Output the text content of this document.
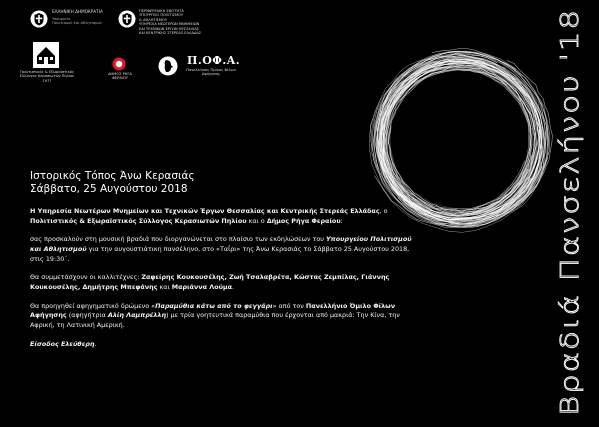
ΕΛΛΗΝΙΚΗ ΔΗΜΟΚΡΑΤΙΑ
Υπουργείο
Πολιτισμού και Αθλητισμού
ΠΕΡΙΦΕΡΕΙΑΚΗ ΕΝΟΤΗΤΑ
ΥΠΟΥΡΓΕΙΟ ΠΟΛΙΤΙΣΜΟΥ
& ΑΘΛΗΤΙΣΜΟΥ
ΥΠΗΡΕΣΙΑ ΝΕΩΤΕΡΩΝ ΜΝΗΜΕΙΩΝ
ΚΑΙ ΤΕΧΝΙΚΩΝ ΕΡΓΩΝ ΘΕΣΣΑΛΙΑΣ
ΚΑΙ ΚΕΝΤΡΙΚΗΣ ΣΤΕΡΕΑΣ ΕΛΛΑΔΑΣ
Πολιτιστικός & Εξωραϊστικός
Σύλλογος Κερασιωτών Πηλίου
1977
ΔΗΜΟΣ ΡΗΓΑ
ΦΕΡΑΙΟΥ
Π.ΟΦ.Α.
Πανελλήνιος Όμιλος Φίλων Αφήγησης
Βραδιά Πανσελήνου '18
Ιστορικός Τόπος Άνω Κερασιάς
Σάββατο, 25 Αυγούστου 2018

Η Υπηρεσία Νεωτέρων Μνημείων και Τεχνικών Έργων Θεσσαλίας και Κεντρικής Στερεάς Ελλάδας, ο Πολιτιστικός & Εξωραϊστικός Σύλλογος Κερασιωτών Πηλίου και ο Δήμος Ρήγα Φεραίου:

σας προσκαλούν στη μουσική βραδιά που διοργανώνεται στο πλαίσιο των εκδηλώσεων του Υπουργείου Πολιτισμού και Αθλητισμού για την αυγουστιάτικη πανσέληνο, στο «Ταΐρι» της Άνω Κερασιάς το Σάββατο 25 Αυγούστου 2018, στις 19:30΄.

Θα συμμετάσχουν οι καλλιτέχνες: Ζαφείρης Κουκουσέλης, Ζωή Τσαλαβρέτα, Κώστας Ζεμπίλας, Γιάννης Κουκουσέλης, Δημήτρης Μπεφάνης και Μαριάννα Λούμα.

Θα προηγηθεί αφηγηματικό δρώμενο «Παραμύθια κάτω από το φεγγάρι» από τον Πανελλήνιο Όμιλο Φίλων Αφήγησης (αφηγήτρια Αλίη Λαμπρέλλη) με τρία γοητευτικά παραμύθια που έρχονται από μακριά: Την Κίνα, την Αφρική, τη Λατινική Αμερική.

Είσοδος Ελεύθερη.
